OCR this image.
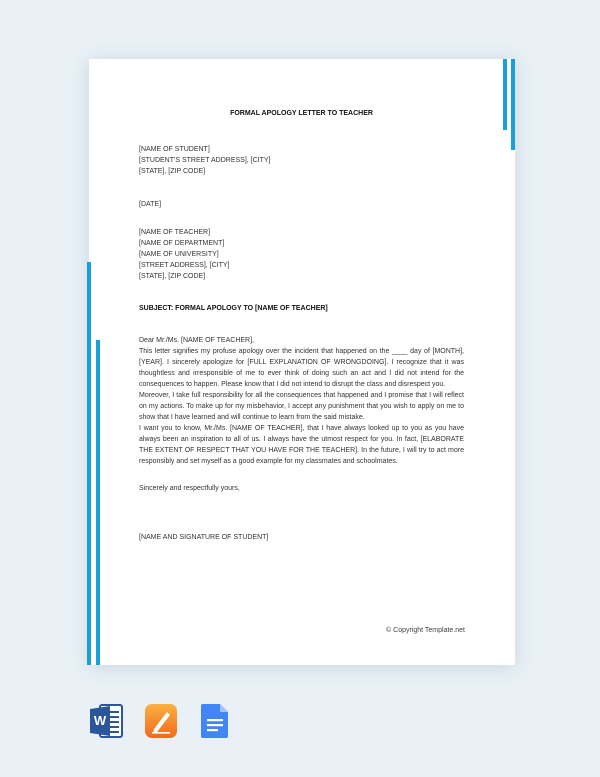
FORMAL APOLOGY LETTER TO TEACHER
[NAME OF STUDENT]
[STUDENT'S STREET ADDRESS], [CITY]
[STATE], [ZIP CODE]
[DATE]
[NAME OF TEACHER]
[NAME OF DEPARTMENT]
[NAME OF UNIVERSITY]
[STREET ADDRESS], [CITY]
[STATE], [ZIP CODE]
SUBJECT: FORMAL APOLOGY TO [NAME OF TEACHER]
Dear Mr./Ms. [NAME OF TEACHER],

This letter signifies my profuse apology over the incident that happened on the ____ day of [MONTH], [YEAR]. I sincerely apologize for [FULL EXPLANATION OF WRONGDOING]. I recognize that it was thoughtless and irresponsible of me to ever think of doing such an act and I did not intend for the consequences to happen. Please know that I did not intend to disrupt the class and disrespect you.

Moreover, I take full responsibility for all the consequences that happened and I promise that I will reflect on my actions. To make up for my misbehavior, I accept any punishment that you wish to apply on me to show that I have learned and will continue to learn from the said mistake.

I want you to know, Mr./Ms. [NAME OF TEACHER], that I have always looked up to you as you have always been an inspiration to all of us. I always have the utmost respect for you. In fact, [ELABORATE THE EXTENT OF RESPECT THAT YOU HAVE FOR THE TEACHER]. In the future, I will try to act more responsibly and set myself as a good example for my classmates and schoolmates.

Sincerely and respectfully yours,
[NAME AND SIGNATURE OF STUDENT]
© Copyright Template.net
W
